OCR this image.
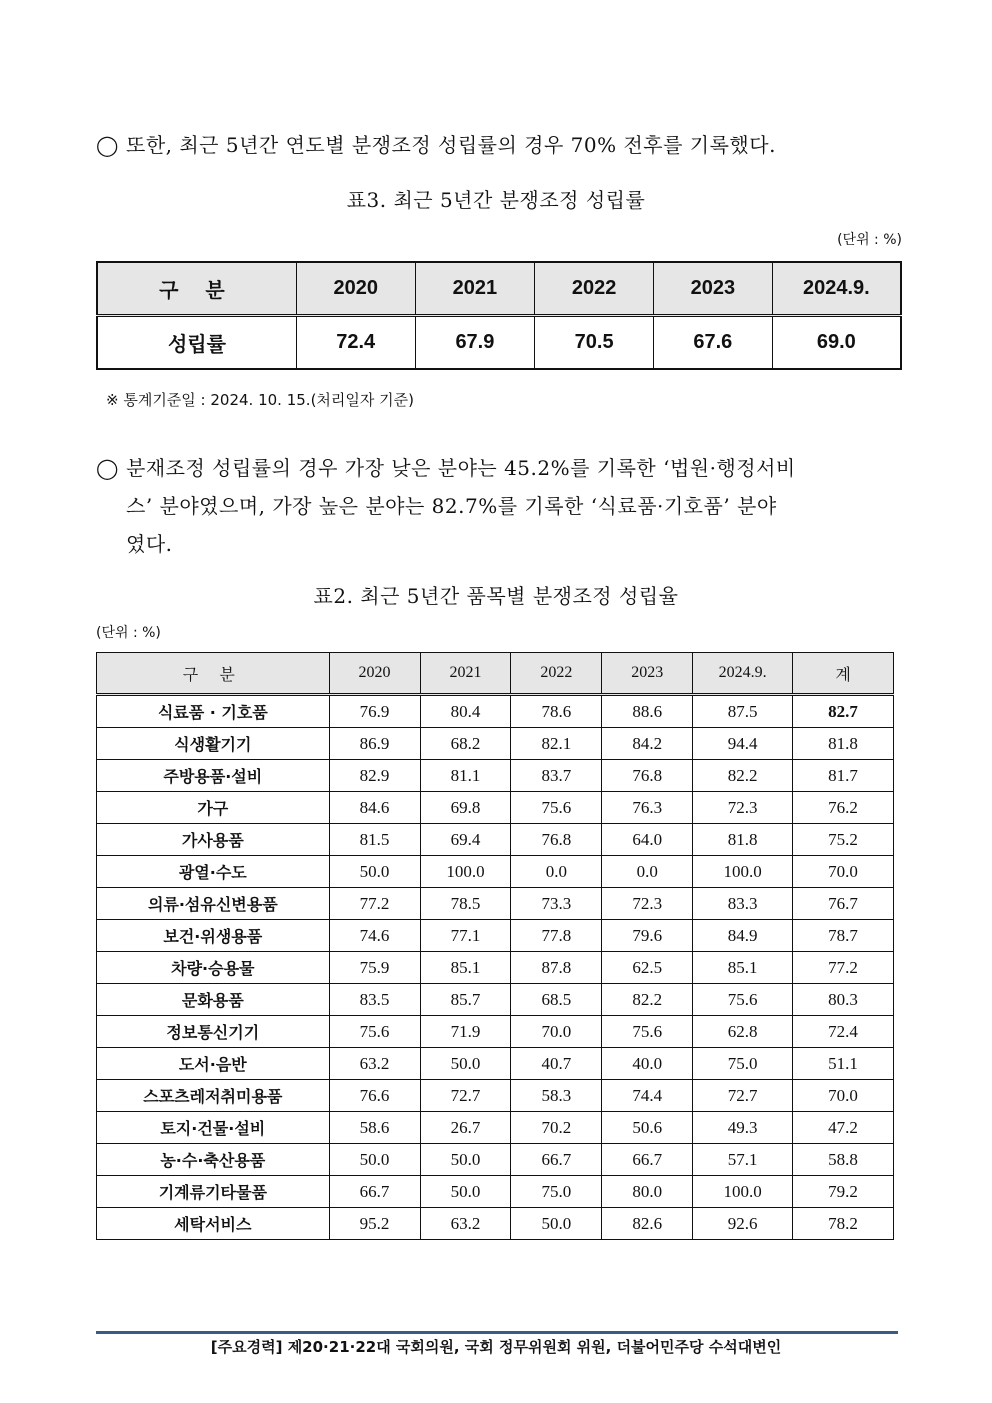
◯ 또한, 최근 5년간 연도별 분쟁조정 성립률의 경우 70% 전후를 기록했다.
표3. 최근 5년간 분쟁조정 성립률
(단위 : %)
구 분	2020	2021	2022	2023	2024.9.
성립률	72.4	67.9	70.5	67.6	69.0
※ 통계기준일 : 2024. 10. 15.(처리일자 기준)
◯ 분재조정 성립률의 경우 가장 낮은 분야는 45.2%를 기록한 ‘법원·행정서비
스’ 분야였으며, 가장 높은 분야는 82.7%를 기록한 ‘식료품·기호품’ 분야
였다.
표2. 최근 5년간 품목별 분쟁조정 성립율
(단위 : %)
구 분	2020	2021	2022	2023	2024.9.	계
식료품 · 기호품	76.9	80.4	78.6	88.6	87.5	82.7
식생활기기	86.9	68.2	82.1	84.2	94.4	81.8
주방용품·설비	82.9	81.1	83.7	76.8	82.2	81.7
가구	84.6	69.8	75.6	76.3	72.3	76.2
가사용품	81.5	69.4	76.8	64.0	81.8	75.2
광열·수도	50.0	100.0	0.0	0.0	100.0	70.0
의류·섬유신변용품	77.2	78.5	73.3	72.3	83.3	76.7
보건·위생용품	74.6	77.1	77.8	79.6	84.9	78.7
차량·승용물	75.9	85.1	87.8	62.5	85.1	77.2
문화용품	83.5	85.7	68.5	82.2	75.6	80.3
정보통신기기	75.6	71.9	70.0	75.6	62.8	72.4
도서·음반	63.2	50.0	40.7	40.0	75.0	51.1
스포츠레저취미용품	76.6	72.7	58.3	74.4	72.7	70.0
토지·건물·설비	58.6	26.7	70.2	50.6	49.3	47.2
농·수·축산용품	50.0	50.0	66.7	66.7	57.1	58.8
기계류기타물품	66.7	50.0	75.0	80.0	100.0	79.2
세탁서비스	95.2	63.2	50.0	82.6	92.6	78.2
[주요경력] 제20·21·22대 국회의원, 국회 정무위원회 위원, 더불어민주당 수석대변인
